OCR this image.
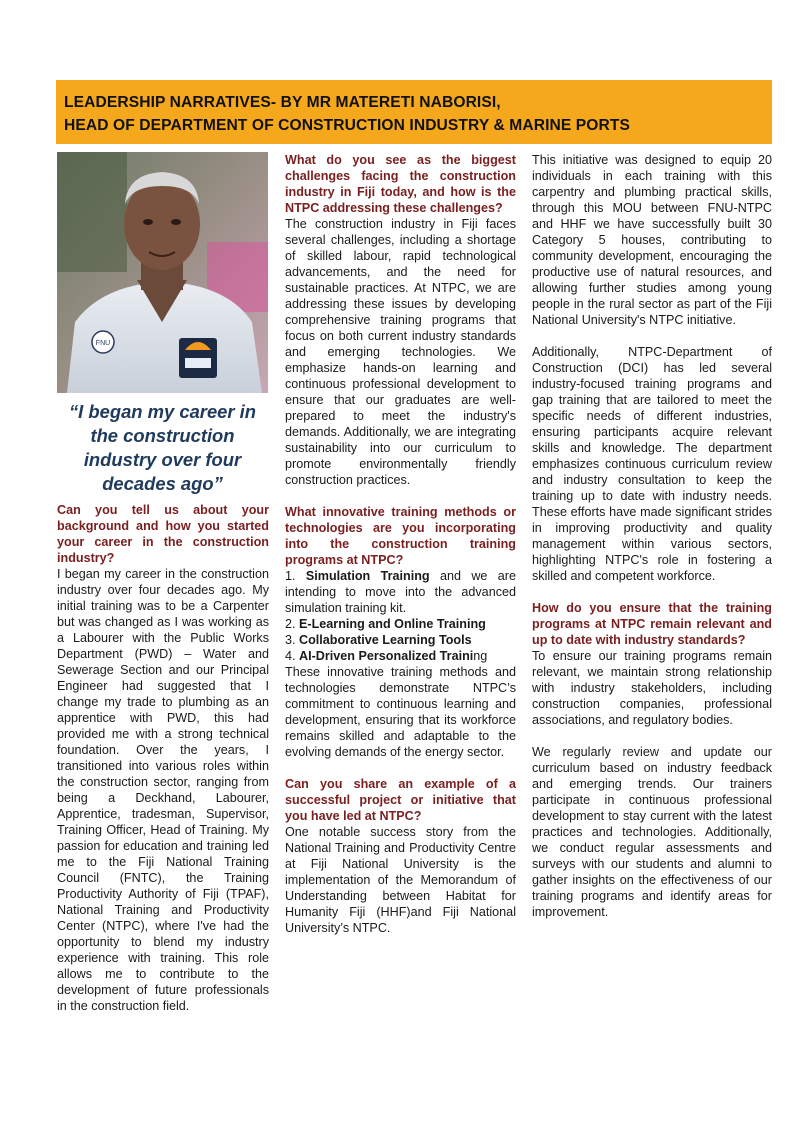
LEADERSHIP NARRATIVES- BY MR MATERETI NABORISI,
HEAD OF DEPARTMENT OF CONSTRUCTION INDUSTRY & MARINE PORTS
FNU
“I began my career in the construction industry over four decades ago”

Can you tell us about your background and how you started your career in the construction industry?

I began my career in the construction industry over four decades ago. My initial training was to be a Carpenter but was changed as I was working as a Labourer with the Public Works Department (PWD) – Water and Sewerage Section and our Principal Engineer had suggested that I change my trade to plumbing as an apprentice with PWD, this had provided me with a strong technical foundation. Over the years, I transitioned into various roles within the construction sector, ranging from being a Deckhand, Labourer, Apprentice, tradesman, Supervisor, Training Officer, Head of Training. My passion for education and training led me to the Fiji National Training Council (FNTC), the Training Productivity Authority of Fiji (TPAF), National Training and Productivity Center (NTPC), where I've had the opportunity to blend my industry experience with training. This role allows me to contribute to the development of future professionals in the construction field.

What do you see as the biggest challenges facing the construction industry in Fiji today, and how is the NTPC addressing these challenges?

The construction industry in Fiji faces several challenges, including a shortage of skilled labour, rapid technological advancements, and the need for sustainable practices. At NTPC, we are addressing these issues by developing comprehensive training programs that focus on both current industry standards and emerging technologies. We emphasize hands-on learning and continuous professional development to ensure that our graduates are well-prepared to meet the industry's demands. Additionally, we are integrating sustainability into our curriculum to promote environmentally friendly construction practices.

What innovative training methods or technologies are you incorporating into the construction training programs at NTPC?

1. Simulation Training and we are intending to move into the advanced simulation training kit.

2. E-Learning and Online Training

3. Collaborative Learning Tools

4. AI-Driven Personalized Training

These innovative training methods and technologies demonstrate NTPC’s commitment to continuous learning and development, ensuring that its workforce remains skilled and adaptable to the evolving demands of the energy sector.

Can you share an example of a successful project or initiative that you have led at NTPC?

One notable success story from the National Training and Productivity Centre at Fiji National University is the implementation of the Memorandum of Understanding between Habitat for Humanity Fiji (HHF)and Fiji National University’s NTPC.

This initiative was designed to equip 20 individuals in each training with this carpentry and plumbing practical skills, through this MOU between FNU-NTPC and HHF we have successfully built 30 Category 5 houses, contributing to community development, encouraging the productive use of natural resources, and allowing further studies among young people in the rural sector as part of the Fiji National University's NTPC initiative.

Additionally, NTPC-Department of Construction (DCI) has led several industry-focused training programs and gap training that are tailored to meet the specific needs of different industries, ensuring participants acquire relevant skills and knowledge. The department emphasizes continuous curriculum review and industry consultation to keep the training up to date with industry needs. These efforts have made significant strides in improving productivity and quality management within various sectors, highlighting NTPC's role in fostering a skilled and competent workforce.

How do you ensure that the training programs at NTPC remain relevant and up to date with industry standards?

To ensure our training programs remain relevant, we maintain strong relationship with industry stakeholders, including construction companies, professional associations, and regulatory bodies.

We regularly review and update our curriculum based on industry feedback and emerging trends. Our trainers participate in continuous professional development to stay current with the latest practices and technologies. Additionally, we conduct regular assessments and surveys with our students and alumni to gather insights on the effectiveness of our training programs and identify areas for improvement.
